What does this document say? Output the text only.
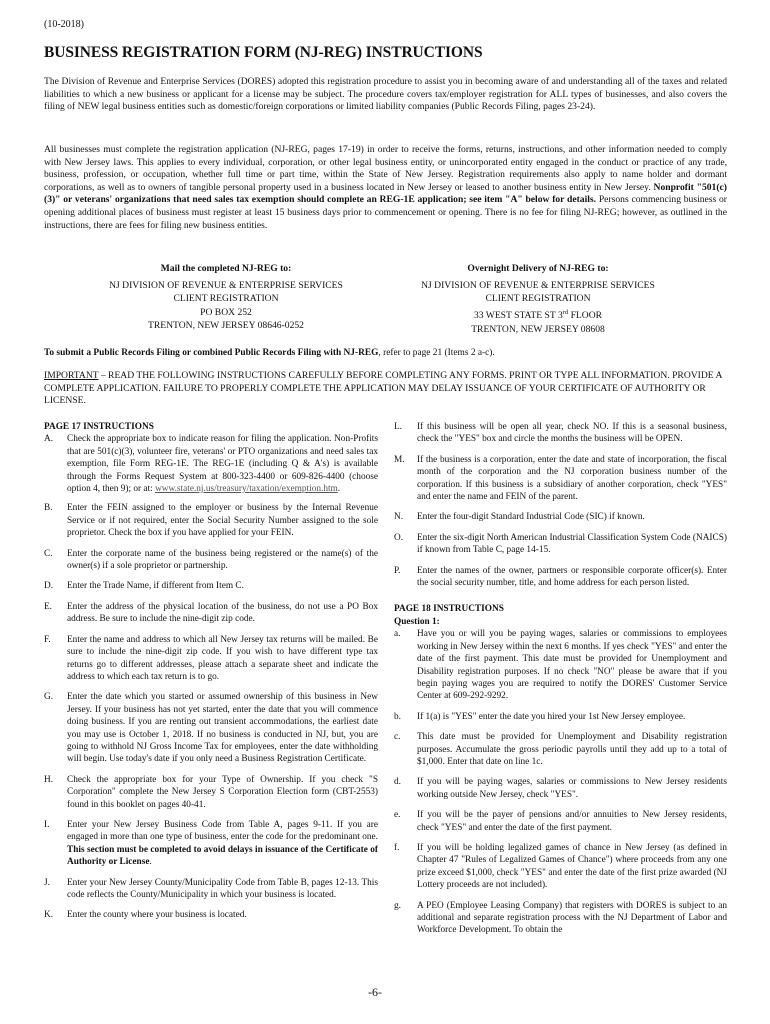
(10-2018)
BUSINESS REGISTRATION FORM (NJ-REG) INSTRUCTIONS

The Division of Revenue and Enterprise Services (DORES) adopted this registration procedure to assist you in becoming aware of and understanding all of the taxes and related liabilities to which a new business or applicant for a license may be subject. The procedure covers tax/employer registration for ALL types of businesses, and also covers the filing of NEW legal business entities such as domestic/foreign corporations or limited liability companies (Public Records Filing, pages 23-24).

All businesses must complete the registration application (NJ-REG, pages 17-19) in order to receive the forms, returns, instructions, and other information needed to comply with New Jersey laws. This applies to every individual, corporation, or other legal business entity, or unincorporated entity engaged in the conduct or practice of any trade, business, profession, or occupation, whether full time or part time, within the State of New Jersey. Registration requirements also apply to name holder and dormant corporations, as well as to owners of tangible personal property used in a business located in New Jersey or leased to another business entity in New Jersey. Nonprofit "501(c)(3)" or veterans' organizations that need sales tax exemption should complete an REG-1E application; see item "A" below for details. Persons commencing business or opening additional places of business must register at least 15 business days prior to commencement or opening. There is no fee for filing NJ-REG; however, as outlined in the instructions, there are fees for filing new business entities.

Mail the completed NJ-REG to:
NJ DIVISION OF REVENUE & ENTERPRISE SERVICES
CLIENT REGISTRATION
PO BOX 252
TRENTON, NEW JERSEY 08646-0252
Overnight Delivery of NJ-REG to:
NJ DIVISION OF REVENUE & ENTERPRISE SERVICES
CLIENT REGISTRATION
33 WEST STATE ST 3rd FLOOR
TRENTON, NEW JERSEY 08608
To submit a Public Records Filing or combined Public Records Filing with NJ-REG, refer to page 21 (Items 2 a-c).

IMPORTANT – READ THE FOLLOWING INSTRUCTIONS CAREFULLY BEFORE COMPLETING ANY FORMS. PRINT OR TYPE ALL INFORMATION. PROVIDE A COMPLETE APPLICATION. FAILURE TO PROPERLY COMPLETE THE APPLICATION MAY DELAY ISSUANCE OF YOUR CERTIFICATE OF AUTHORITY OR LICENSE.

PAGE 17 INSTRUCTIONS
A.	Check the appropriate box to indicate reason for filing the application. Non-Profits that are 501(c)(3), volunteer fire, veterans' or PTO organizations and need sales tax exemption, file Form REG-1E. The REG-1E (including Q & A's) is available through the Forms Request System at 800-323-4400 or 609-826-4400 (choose option 4, then 9); or at: www.state.nj.us/treasury/taxation/exemption.htm.
B.	Enter the FEIN assigned to the employer or business by the Internal Revenue Service or if not required, enter the Social Security Number assigned to the sole proprietor. Check the box if you have applied for your FEIN.
C.	Enter the corporate name of the business being registered or the name(s) of the owner(s) if a sole proprietor or partnership.
D.	Enter the Trade Name, if different from Item C.
E.	Enter the address of the physical location of the business, do not use a PO Box address. Be sure to include the nine-digit zip code.
F.	Enter the name and address to which all New Jersey tax returns will be mailed. Be sure to include the nine-digit zip code. If you wish to have different type tax returns go to different addresses, please attach a separate sheet and indicate the address to which each tax return is to go.
G.	Enter the date which you started or assumed ownership of this business in New Jersey. If your business has not yet started, enter the date that you will commence doing business. If you are renting out transient accommodations, the earliest date you may use is October 1, 2018. If no business is conducted in NJ, but, you are going to withhold NJ Gross Income Tax for employees, enter the date withholding will begin. Use today's date if you only need a Business Registration Certificate.
H.	Check the appropriate box for your Type of Ownership. If you check "S Corporation" complete the New Jersey S Corporation Election form (CBT-2553) found in this booklet on pages 40-41.
I.	Enter your New Jersey Business Code from Table A, pages 9-11. If you are engaged in more than one type of business, enter the code for the predominant one. This section must be completed to avoid delays in issuance of the Certificate of Authority or License.
J.	Enter your New Jersey County/Municipality Code from Table B, pages 12-13. This code reflects the County/Municipality in which your business is located.
K.	Enter the county where your business is located.
L.	If this business will be open all year, check NO. If this is a seasonal business, check the "YES" box and circle the months the business will be OPEN.
M.	If the business is a corporation, enter the date and state of incorporation, the fiscal month of the corporation and the NJ corporation business number of the corporation. If this business is a subsidiary of another corporation, check "YES" and enter the name and FEIN of the parent.
N.	Enter the four-digit Standard Industrial Code (SIC) if known.
O.	Enter the six-digit North American Industrial Classification System Code (NAICS) if known from Table C, page 14-15.
P.	Enter the names of the owner, partners or responsible corporate officer(s). Enter the social security number, title, and home address for each person listed.
PAGE 18 INSTRUCTIONS
Question 1:
a.	Have you or will you be paying wages, salaries or commissions to employees working in New Jersey within the next 6 months. If yes check "YES" and enter the date of the first payment. This date must be provided for Unemployment and Disability registration purposes. If no check "NO" please be aware that if you begin paying wages you are required to notify the DORES' Customer Service Center at 609-292-9292.
b.	If 1(a) is "YES" enter the date you hired your 1st New Jersey employee.
c.	This date must be provided for Unemployment and Disability registration purposes. Accumulate the gross periodic payrolls until they add up to a total of $1,000. Enter that date on line 1c.
d.	If you will be paying wages, salaries or commissions to New Jersey residents working outside New Jersey, check "YES".
e.	If you will be the payer of pensions and/or annuities to New Jersey residents, check "YES" and enter the date of the first payment.
f.	If you will be holding legalized games of chance in New Jersey (as defined in Chapter 47 "Rules of Legalized Games of Chance") where proceeds from any one prize exceed $1,000, check "YES" and enter the date of the first prize awarded (NJ Lottery proceeds are not included).
g.	A PEO (Employee Leasing Company) that registers with DORES is subject to an additional and separate registration process with the NJ Department of Labor and Workforce Development. To obtain the
-6-
